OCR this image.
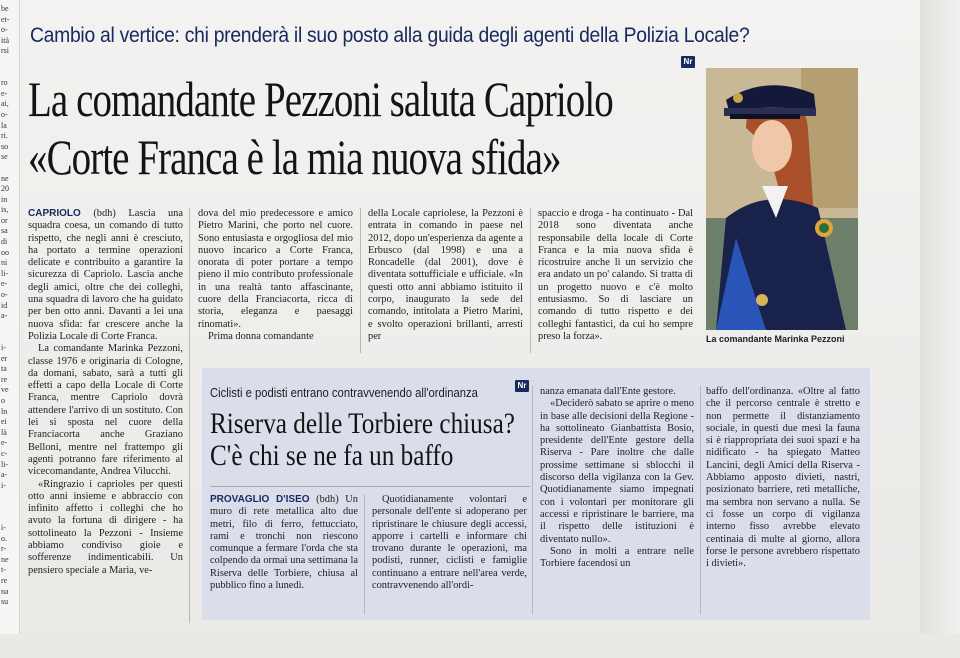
be
et-
o-
ità
rsi

ro
e-
ai,
o-
la
ri.
so
se

ne
20
in
is,
or
sa
di
oo
ni
li-
e-
o-
id
a-

i-
er
ta
re
ve
o
ln
ei
là
e-
c-
li-
a-
i-

i-
o.
r-
ne
t-
re
na
su
Cambio al vertice: chi prenderà il suo posto alla guida degli agenti della Polizia Locale?
La comandante Pezzoni saluta Capriolo
«Corte Franca è la mia nuova sfida»
Nr
La comandante Marinka Pezzoni

CAPRIOLO (bdh) Lascia una squadra coesa, un comando di tutto rispetto, che negli anni è cresciuto, ha portato a termine operazioni delicate e contribuito a garantire la sicurezza di Capriolo. Lascia anche degli amici, oltre che dei colleghi, una squadra di lavoro che ha guidato per ben otto anni. Davanti a lei una nuova sfida: far crescere anche la Polizia Locale di Corte Franca.

La comandante Marinka Pezzoni, classe 1976 e originaria di Cologne, da domani, sabato, sarà a tutti gli effetti a capo della Locale di Corte Franca, mentre Capriolo dovrà attendere l'arrivo di un sostituto. Con lei si sposta nel cuore della Franciacorta anche Graziano Belloni, mentre nel frattempo gli agenti potranno fare riferimento al vicecomandante, Andrea Vilucchi.

«Ringrazio i caprioles per questi otto anni insieme e abbraccio con infinito affetto i colleghi che ho avuto la fortuna di dirigere - ha sottolineato la Pezzoni - Insieme abbiamo condiviso gioie e sofferenze indimenticabili. Un pensiero speciale a Maria, ve-

dova del mio predecessore e amico Pietro Marini, che porto nel cuore. Sono entusiasta e orgogliosa del mio nuovo incarico a Corte Franca, onorata di poter portare a tempo pieno il mio contributo professionale in una realtà tanto affascinante, cuore della Franciacorta, ricca di storia, eleganza e paesaggi rinomati».

Prima donna comandante

della Locale capriolese, la Pezzoni è entrata in comando in paese nel 2012, dopo un'esperienza da agente a Erbusco (dal 1998) e una a Roncadelle (dal 2001), dove è diventata sottufficiale e ufficiale. «In questi otto anni abbiamo istituito il corpo, inaugurato la sede del comando, intitolata a Pietro Marini, e svolto operazioni brillanti, arresti per

spaccio e droga - ha continuato - Dal 2018 sono diventata anche responsabile della locale di Corte Franca e la mia nuova sfida è ricostruire anche lì un servizio che era andato un po' calando. Si tratta di un progetto nuovo e c'è molto entusiasmo. So di lasciare un comando di tutto rispetto e dei colleghi fantastici, da cui ho sempre preso la forza».

Ciclisti e podisti entrano contravvenendo all'ordinanza
Nr
Riserva delle Torbiere chiusa?
C'è chi se ne fa un baffo

PROVAGLIO D'ISEO (bdh) Un muro di rete metallica alto due metri, filo di ferro, fettucciato, rami e tronchi non riescono comunque a fermare l'orda che sta colpendo da ormai una settimana la Riserva delle Torbiere, chiusa al pubblico fino a lunedì.

Quotidianamente volontari e personale dell'ente si adoperano per ripristinare le chiusure degli accessi, apporre i cartelli e informare chi trovano durante le operazioni, ma podisti, runner, ciclisti e famiglie continuano a entrare nell'area verde, contravvenendo all'ordi-

nanza emanata dall'Ente gestore.

«Deciderò sabato se aprire o meno in base alle decisioni della Regione - ha sottolineato Gianbattista Bosio, presidente dell'Ente gestore della Riserva - Pare inoltre che dalle prossime settimane si sblocchi il discorso della vigilanza con la Gev. Quotidianamente siamo impegnati con i volontari per monitorare gli accessi e ripristinare le barriere, ma il rispetto delle istituzioni è diventato nullo».

Sono in molti a entrare nelle Torbiere facendosi un

baffo dell'ordinanza. «Oltre al fatto che il percorso centrale è stretto e non permette il distanziamento sociale, in questi due mesi la fauna si è riappropriata dei suoi spazi e ha nidificato - ha spiegato Matteo Lancini, degli Amici della Riserva - Abbiamo apposto divieti, nastri, posizionato barriere, reti metalliche, ma sembra non servano a nulla. Se ci fosse un corpo di vigilanza interno fisso avrebbe elevato centinaia di multe al giorno, allora forse le persone avrebbero rispettato i divieti».
